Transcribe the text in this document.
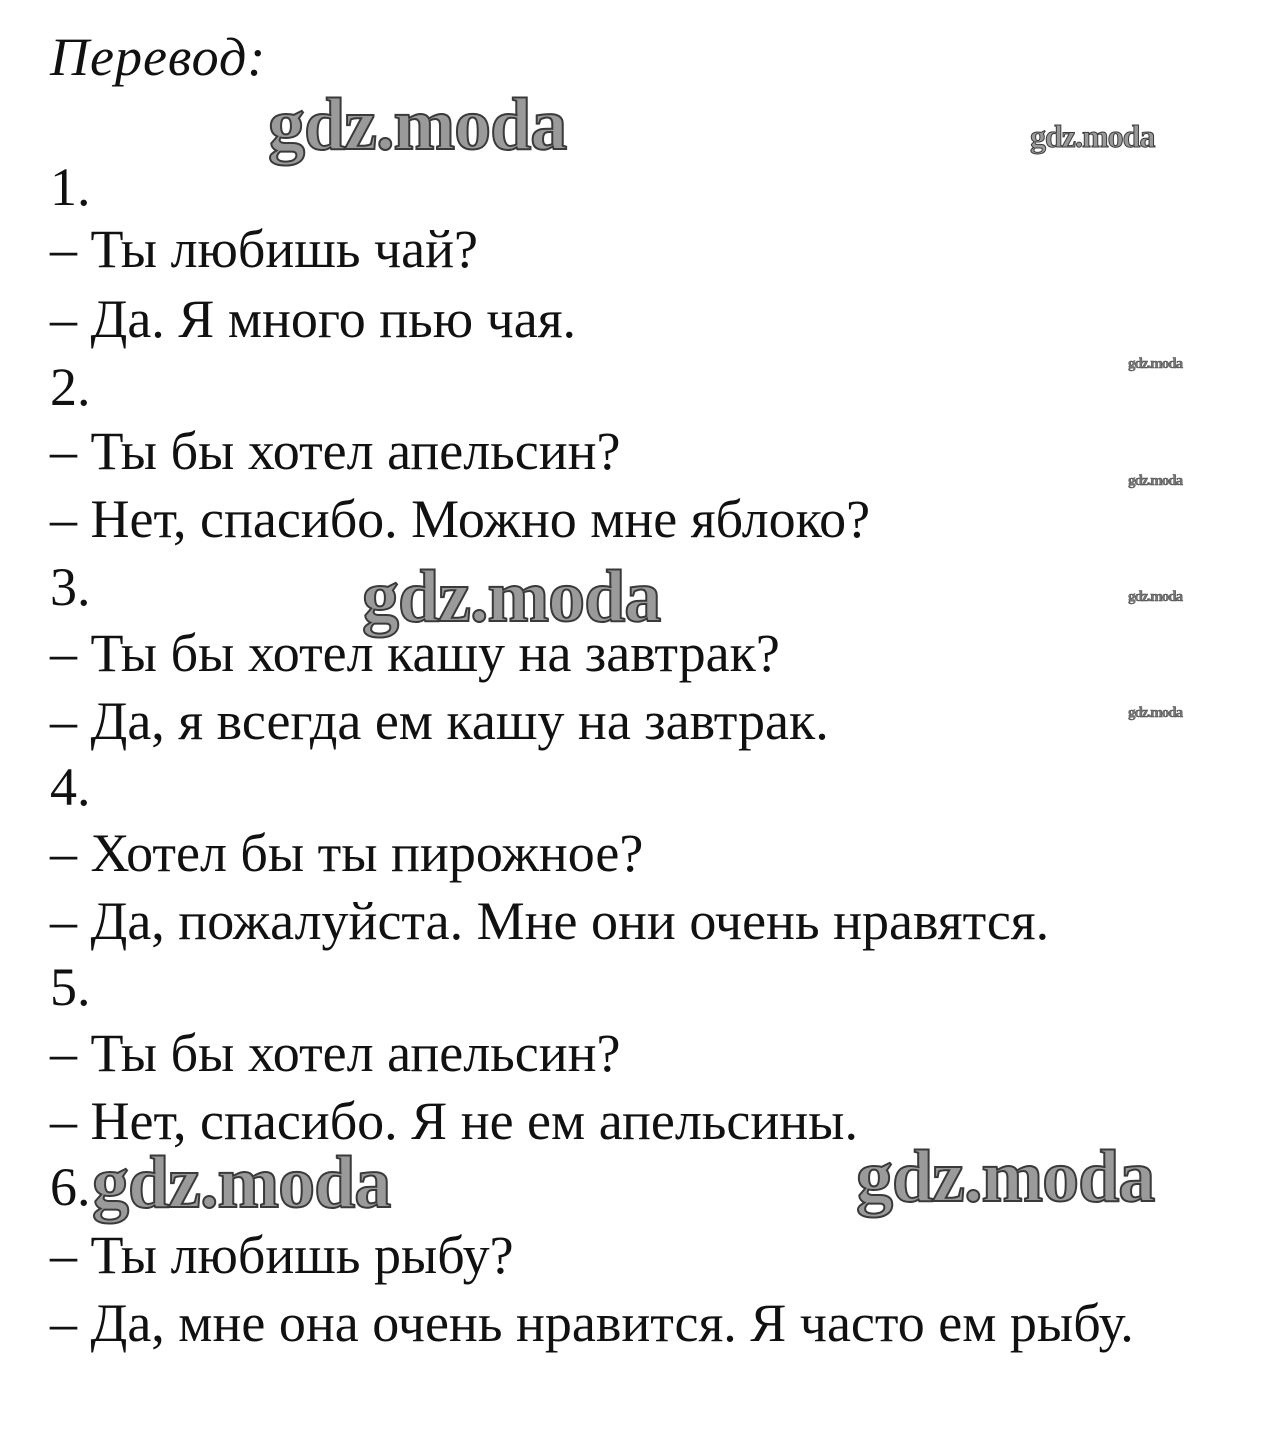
Перевод:
1.
– Ты любишь чай?
– Да. Я много пью чая.
2.
– Ты бы хотел апельсин?
– Нет, спасибо. Можно мне яблоко?
3.
– Ты бы хотел кашу на завтрак?
– Да, я всегда ем кашу на завтрак.
4.
– Хотел бы ты пирожное?
– Да, пожалуйста. Мне они очень нравятся.
5.
– Ты бы хотел апельсин?
– Нет, спасибо. Я не ем апельсины.
6.
– Ты любишь рыбу?
– Да, мне она очень нравится. Я часто ем рыбу.
gdz.moda	gdz.moda
gdz.moda
gdz.moda
gdz.moda	gdz.moda
gdz.moda
gdz.moda	gdz.moda
